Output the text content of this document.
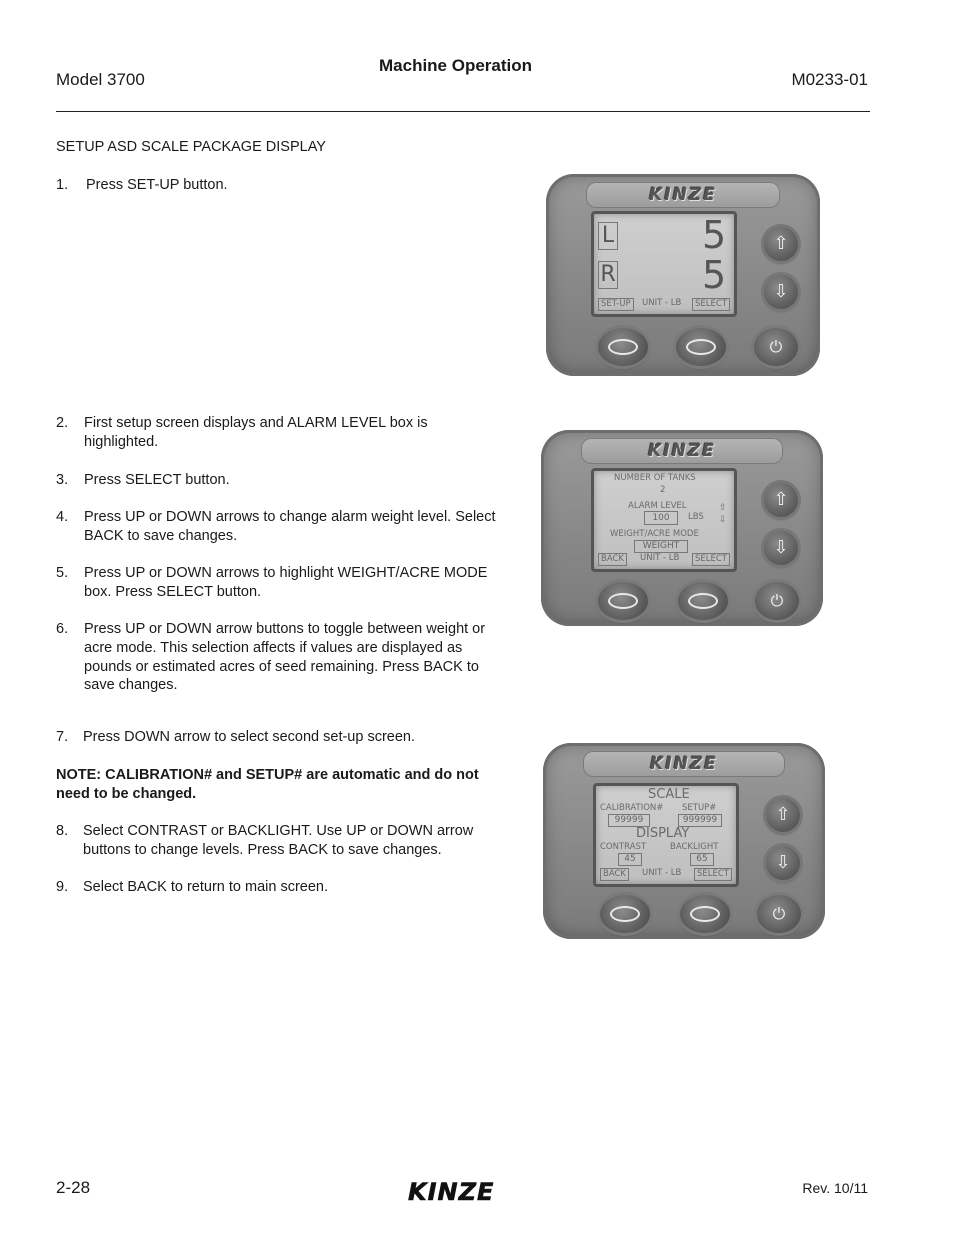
Model 3700
Machine Operation
M0233-01
SETUP ASD SCALE PACKAGE DISPLAY
1. Press SET-UP button.
2. First setup screen displays and ALARM LEVEL box is highlighted.
3. Press SELECT button.
4. Press UP or DOWN arrows to change alarm weight level. Select BACK to save changes.
5. Press UP or DOWN arrows to highlight WEIGHT/ACRE MODE box. Press SELECT button.
6. Press UP or DOWN arrow buttons to toggle between weight or acre mode. This selection affects if values are displayed as pounds or estimated acres of seed remaining. Press BACK to save changes.
7. Press DOWN arrow to select second set-up screen.
NOTE: CALIBRATION# and SETUP# are automatic and do not need to be changed.
8. Select CONTRAST or BACKLIGHT. Use UP or DOWN arrow buttons to change levels. Press BACK to save changes.
9. Select BACK to return to main screen.
KINZE
L 5
R 5
SET-UP	UNIT - LB	SELECT
⇧
⇩
⏻
KINZE
NUMBER OF TANKS
2
ALARM LEVEL
100	LBS
⇧
⇩
WEIGHT/ACRE MODE
WEIGHT
BACK	UNIT - LB	SELECT
⇧
⇩
⏻
KINZE
SCALE
CALIBRATION# SETUP#
99999	999999
DISPLAY
CONTRAST	BACKLIGHT
45	65
BACK	UNIT - LB	SELECT
⇧
⇩
⏻
2-28	KINZE	Rev. 10/11
